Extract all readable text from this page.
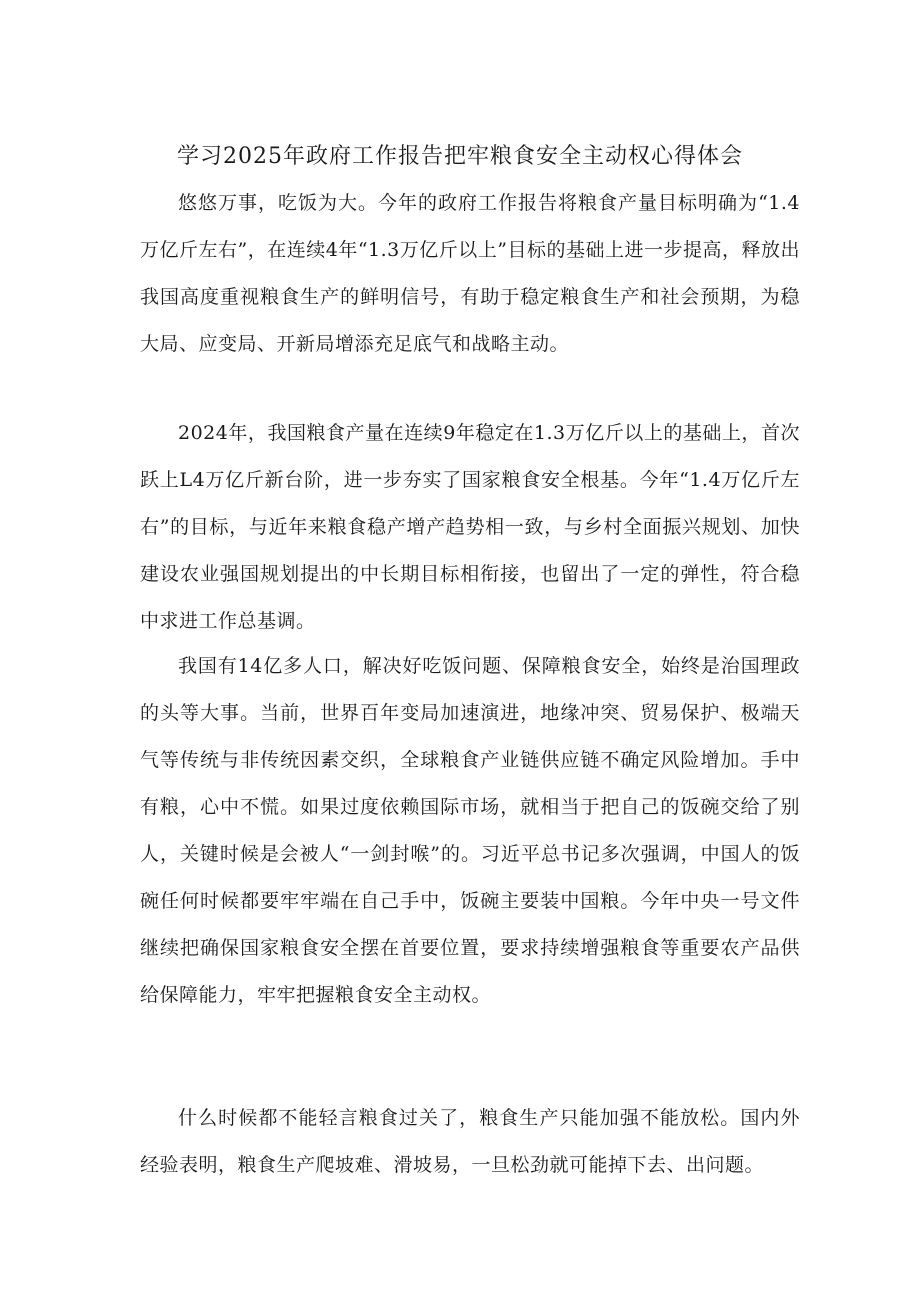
学习2025年政府工作报告把牢粮食安全主动权心得体会

悠悠万事，吃饭为大。今年的政府工作报告将粮食产量目标明确为“1.4万亿斤左右”，在连续4年“1.3万亿斤以上”目标的基础上进一步提高，释放出我国高度重视粮食生产的鲜明信号，有助于稳定粮食生产和社会预期，为稳大局、应变局、开新局增添充足底气和战略主动。

2024年，我国粮食产量在连续9年稳定在1.3万亿斤以上的基础上，首次跃上L4万亿斤新台阶，进一步夯实了国家粮食安全根基。今年“1.4万亿斤左右”的目标，与近年来粮食稳产增产趋势相一致，与乡村全面振兴规划、加快建设农业强国规划提出的中长期目标相衔接，也留出了一定的弹性，符合稳中求进工作总基调。

我国有14亿多人口，解决好吃饭问题、保障粮食安全，始终是治国理政的头等大事。当前，世界百年变局加速演进，地缘冲突、贸易保护、极端天气等传统与非传统因素交织，全球粮食产业链供应链不确定风险增加。手中有粮，心中不慌。如果过度依赖国际市场，就相当于把自己的饭碗交给了别人，关键时候是会被人“一剑封喉”的。习近平总书记多次强调，中国人的饭碗任何时候都要牢牢端在自己手中，饭碗主要装中国粮。今年中央一号文件继续把确保国家粮食安全摆在首要位置，要求持续增强粮食等重要农产品供给保障能力，牢牢把握粮食安全主动权。

什么时候都不能轻言粮食过关了，粮食生产只能加强不能放松。国内外经验表明，粮食生产爬坡难、滑坡易，一旦松劲就可能掉下去、出问题。
